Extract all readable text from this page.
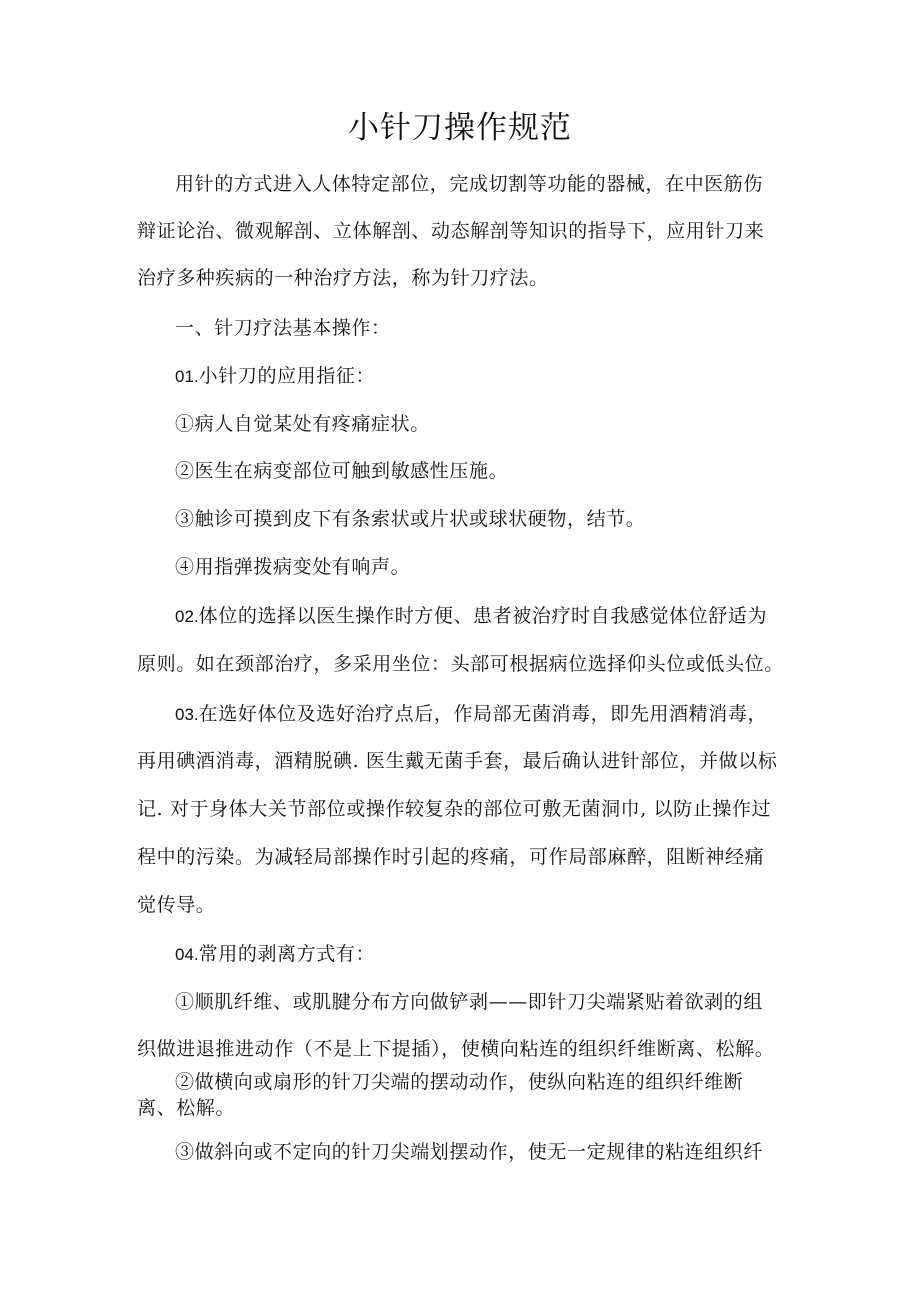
小针刀操作规范
用针的方式进入人体特定部位，完成切割等功能的器械，在中医筋伤
辩证论治、微观解剖、立体解剖、动态解剖等知识的指导下，应用针刀来
治疗多种疾病的一种治疗方法，称为针刀疗法。
一、针刀疗法基本操作：
01.小针刀的应用指征：
①病人自觉某处有疼痛症状。
②医生在病变部位可触到敏感性压施。
③触诊可摸到皮下有条索状或片状或球状硬物，结节。
④用指弹拨病变处有响声。
02.体位的选择以医生操作时方便、患者被治疗时自我感觉体位舒适为
原则。如在颈部治疗，多采用坐位：头部可根据病位选择仰头位或低头位。
03.在选好体位及选好治疗点后，作局部无菌消毒，即先用酒精消毒，
再用碘酒消毒，酒精脱碘. 医生戴无菌手套，最后确认进针部位，并做以标
记. 对于身体大关节部位或操作较复杂的部位可敷无菌洞巾, 以防止操作过
程中的污染。为减轻局部操作时引起的疼痛，可作局部麻醉，阻断神经痛
觉传导。
04.常用的剥离方式有：
①顺肌纤维、或肌腱分布方向做铲剥——即针刀尖端紧贴着欲剥的组
织做进退推进动作（不是上下提插），使横向粘连的组织纤维断离、松解。
②做横向或扇形的针刀尖端的摆动动作，使纵向粘连的组织纤维断
离、松解。
③做斜向或不定向的针刀尖端划摆动作，使无一定规律的粘连组织纤
